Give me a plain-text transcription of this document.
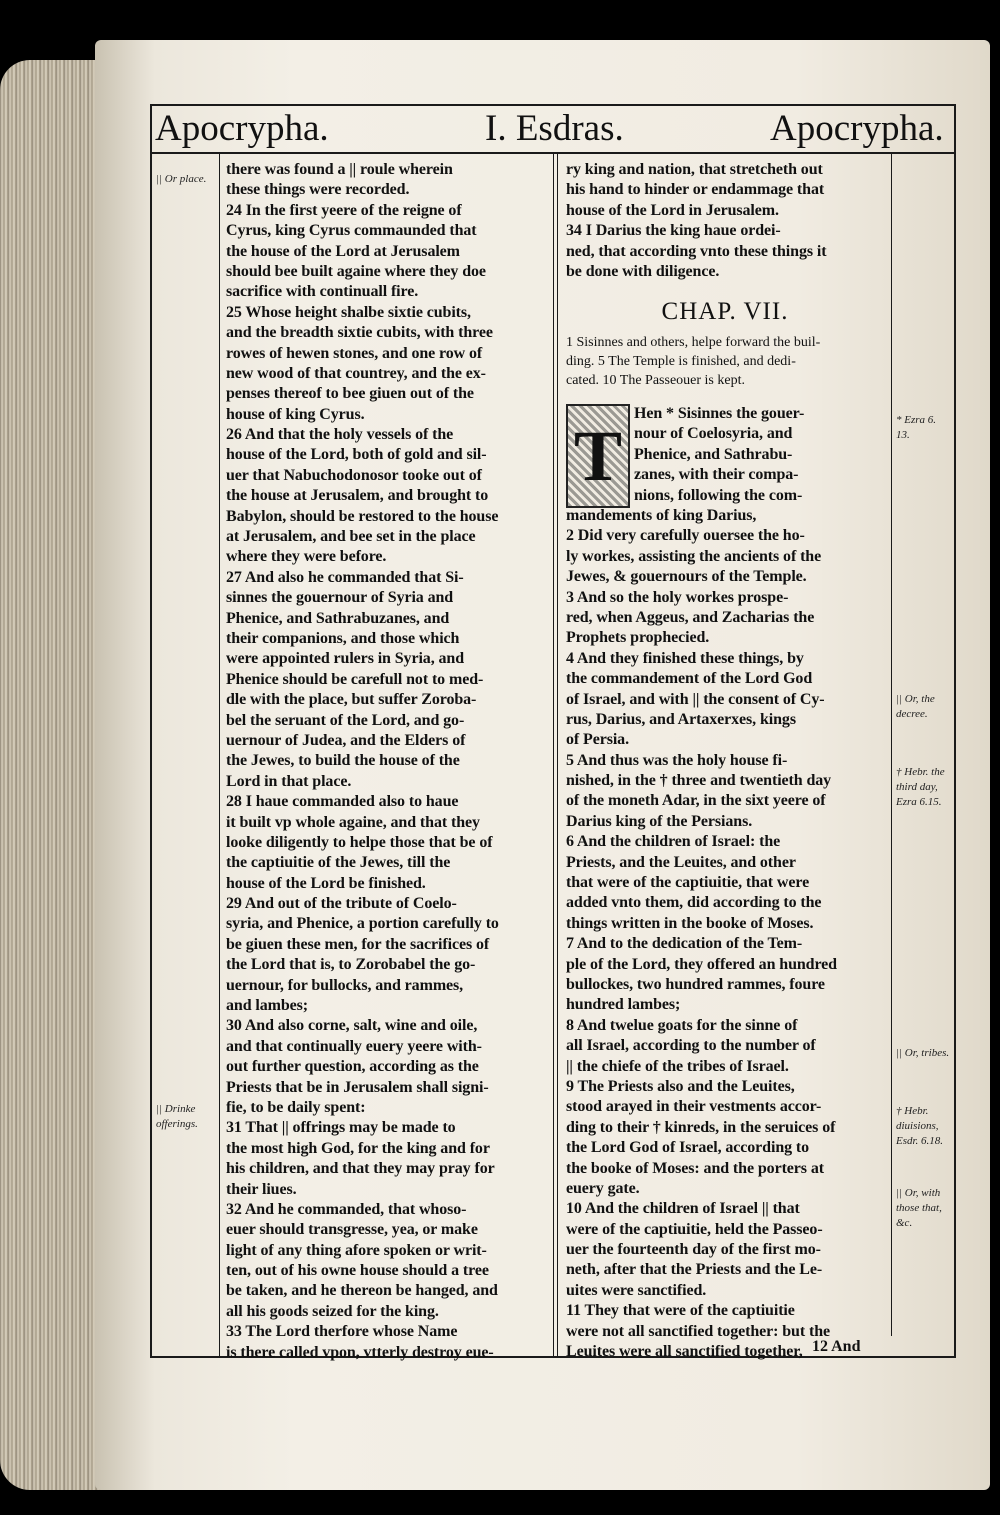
Apocrypha.	I. Esdras.	Apocrypha.
|| Or place.
|| Drinke offerings.
* Ezra 6. 13.
|| Or, the decree.
† Hebr. the third day, Ezra 6.15.
|| Or, tribes.
† Hebr. diuisions, Esdr. 6.18.
|| Or, with those that, &c.
there was found a || roule wherein
these things were recorded.
24 In the first yeere of the reigne of
Cyrus, king Cyrus commaunded that
the house of the Lord at Jerusalem
should bee built againe where they doe
sacrifice with continuall fire.
25 Whose height shalbe sixtie cubits,
and the breadth sixtie cubits, with three
rowes of hewen stones, and one row of
new wood of that countrey, and the ex-
penses thereof to bee giuen out of the
house of king Cyrus.
26 And that the holy vessels of the
house of the Lord, both of gold and sil-
uer that Nabuchodonosor tooke out of
the house at Jerusalem, and brought to
Babylon, should be restored to the house
at Jerusalem, and bee set in the place
where they were before.
27 And also he commanded that Si-
sinnes the gouernour of Syria and
Phenice, and Sathrabuzanes, and
their companions, and those which
were appointed rulers in Syria, and
Phenice should be carefull not to med-
dle with the place, but suffer Zoroba-
bel the seruant of the Lord, and go-
uernour of Judea, and the Elders of
the Jewes, to build the house of the
Lord in that place.
28 I haue commanded also to haue
it built vp whole againe, and that they
looke diligently to helpe those that be of
the captiuitie of the Jewes, till the
house of the Lord be finished.
29 And out of the tribute of Coelo-
syria, and Phenice, a portion carefully to
be giuen these men, for the sacrifices of
the Lord that is, to Zorobabel the go-
uernour, for bullocks, and rammes,
and lambes;
30 And also corne, salt, wine and oile,
and that continually euery yeere with-
out further question, according as the
Priests that be in Jerusalem shall signi-
fie, to be daily spent:
31 That || offrings may be made to
the most high God, for the king and for
his children, and that they may pray for
their liues.
32 And he commanded, that whoso-
euer should transgresse, yea, or make
light of any thing afore spoken or writ-
ten, out of his owne house should a tree
be taken, and he thereon be hanged, and
all his goods seized for the king.
33 The Lord therfore whose Name
is there called vpon, vtterly destroy eue-
ry king and nation, that stretcheth out
his hand to hinder or endammage that
house of the Lord in Jerusalem.
34 I Darius the king haue ordei-
ned, that according vnto these things it
be done with diligence.
CHAP. VII.
1 Sisinnes and others, helpe forward the buil-
ding. 5 The Temple is finished, and dedi-
cated. 10 The Passeouer is kept.
T
Hen * Sisinnes the gouer-
nour of Coelosyria, and
Phenice, and Sathrabu-
zanes, with their compa-
nions, following the com-
mandements of king Darius,
2 Did very carefully ouersee the ho-
ly workes, assisting the ancients of the
Jewes, & gouernours of the Temple.
3 And so the holy workes prospe-
red, when Aggeus, and Zacharias the
Prophets prophecied.
4 And they finished these things, by
the commandement of the Lord God
of Israel, and with || the consent of Cy-
rus, Darius, and Artaxerxes, kings
of Persia.
5 And thus was the holy house fi-
nished, in the † three and twentieth day
of the moneth Adar, in the sixt yeere of
Darius king of the Persians.
6 And the children of Israel: the
Priests, and the Leuites, and other
that were of the captiuitie, that were
added vnto them, did according to the
things written in the booke of Moses.
7 And to the dedication of the Tem-
ple of the Lord, they offered an hundred
bullockes, two hundred rammes, foure
hundred lambes;
8 And twelue goats for the sinne of
all Israel, according to the number of
|| the chiefe of the tribes of Israel.
9 The Priests also and the Leuites,
stood arayed in their vestments accor-
ding to their † kinreds, in the seruices of
the Lord God of Israel, according to
the booke of Moses: and the porters at
euery gate.
10 And the children of Israel || that
were of the captiuitie, held the Passeo-
uer the fourteenth day of the first mo-
neth, after that the Priests and the Le-
uites were sanctified.
11 They that were of the captiuitie
were not all sanctified together: but the
Leuites were all sanctified together, 12 And
